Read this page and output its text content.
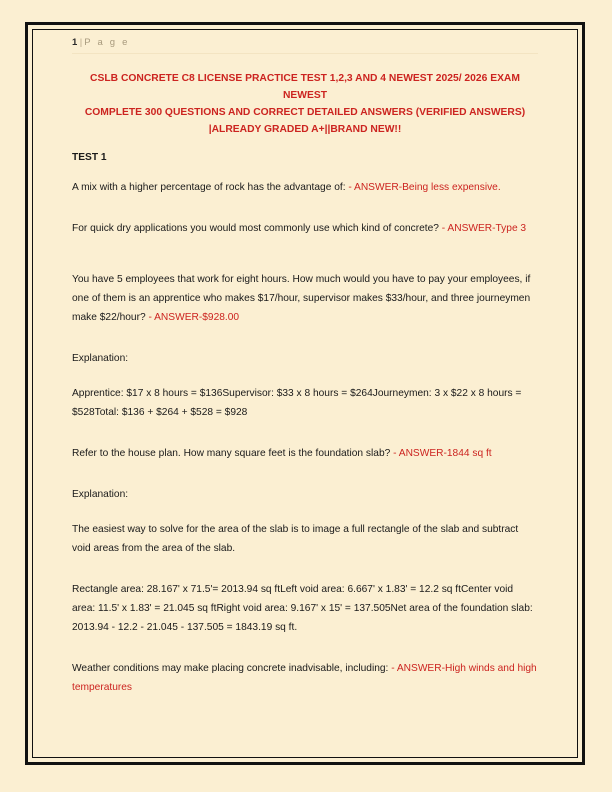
1 | P a g e
CSLB CONCRETE C8 LICENSE PRACTICE TEST 1,2,3 AND 4 NEWEST 2025/ 2026 EXAM NEWEST
COMPLETE 300 QUESTIONS AND CORRECT DETAILED ANSWERS (VERIFIED ANSWERS)
|ALREADY GRADED A+||BRAND NEW!!
TEST 1
A mix with a higher percentage of rock has the advantage of: - ANSWER-Being less expensive.
For quick dry applications you would most commonly use which kind of concrete? - ANSWER-Type 3
You have 5 employees that work for eight hours. How much would you have to pay your employees, if one of them is an apprentice who makes $17/hour, supervisor makes $33/hour, and three journeymen make $22/hour? - ANSWER-$928.00
Explanation:
Apprentice: $17 x 8 hours = $136Supervisor: $33 x 8 hours = $264Journeymen: 3 x $22 x 8 hours = $528Total: $136 + $264 + $528 = $928
Refer to the house plan. How many square feet is the foundation slab? - ANSWER-1844 sq ft
Explanation:
The easiest way to solve for the area of the slab is to image a full rectangle of the slab and subtract void areas from the area of the slab.
Rectangle area: 28.167' x 71.5'= 2013.94 sq ftLeft void area: 6.667' x 1.83' = 12.2 sq ftCenter void area: 11.5' x 1.83' = 21.045 sq ftRight void area: 9.167' x 15' = 137.505Net area of the foundation slab: 2013.94 - 12.2 - 21.045 - 137.505 = 1843.19 sq ft.
Weather conditions may make placing concrete inadvisable, including: - ANSWER-High winds and high temperatures
